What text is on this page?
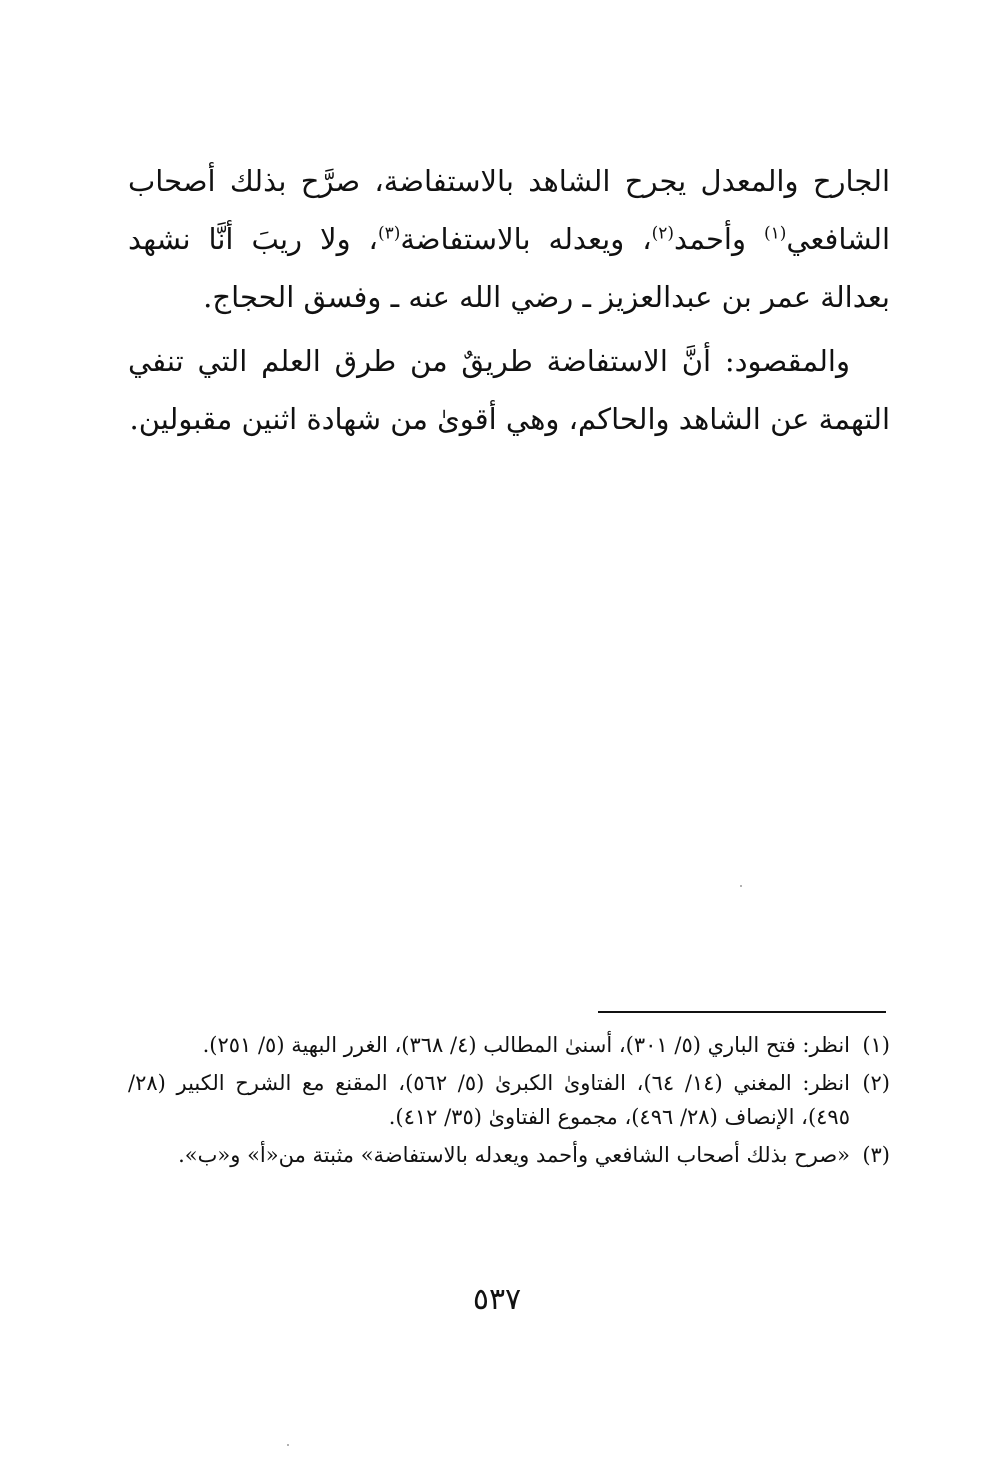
الجارح والمعدل يجرح الشاهد بالاستفاضة، صرَّح بذلك أصحاب الشافعي$^{(١)}$ وأحمد$^{(٢)}$، ويعدله بالاستفاضة$^{(٣)}$، ولا ريبَ أنَّا نشهد بعدالة عمر بن عبدالعزيز ـ رضي الله عنه ـ وفسق الحجاج.

والمقصود: أنَّ الاستفاضة طريقٌ من طرق العلم التي تنفي التهمة عن الشاهد والحاكم، وهي أقوىٰ من شهادة اثنين مقبولين.

(١)
انظر: فتح الباري (٥/ ٣٠١)، أسنىٰ المطالب (٤/ ٣٦٨)، الغرر البهية (٥/ ٢٥١).
(٢)
انظر: المغني (١٤/ ٦٤)، الفتاوىٰ الكبرىٰ (٥/ ٥٦٢)، المقنع مع الشرح الكبير (٢٨/ ٤٩٥)، الإنصاف (٢٨/ ٤٩٦)، مجموع الفتاوىٰ (٣٥/ ٤١٢).
(٣)
«صرح بذلك أصحاب الشافعي وأحمد ويعدله بالاستفاضة» مثبتة من«أ» و«ب».
٥٣٧
